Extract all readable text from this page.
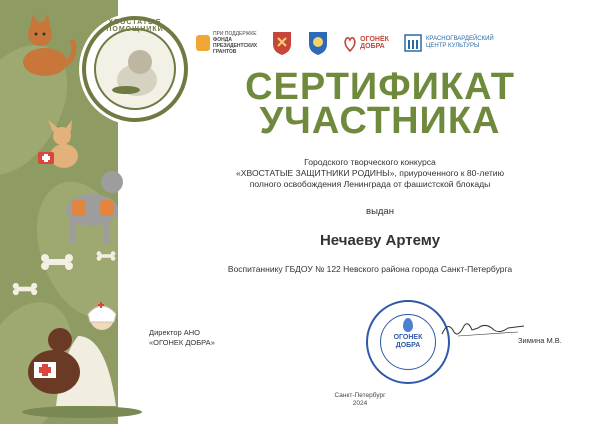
ХВОСТАТЫЕ ПОМОЩНИКИ
ПРИ ПОДДЕРЖКЕ
ФОНДА
ПРЕЗИДЕНТСКИХ
ГРАНТОВ
ОГОНЁК
ДОБРА
КРАСНОГВАРДЕЙСКИЙ
ЦЕНТР КУЛЬТУРЫ
СЕРТИФИКАТ
УЧАСТНИКА
Городского творческого конкурса
«ХВОСТАТЫЕ ЗАЩИТНИКИ РОДИНЫ», приуроченного к 80-летию
полного освобождения Ленинграда от фашистской блокады
выдан
Нечаеву Артему
Воспитаннику ГБДОУ № 122 Невского района города Санкт-Петербурга
Директор АНО
«ОГОНЕК ДОБРА»
ОГОНЕК
ДОБРА
Зимина М.В.
Санкт-Петербург
2024
